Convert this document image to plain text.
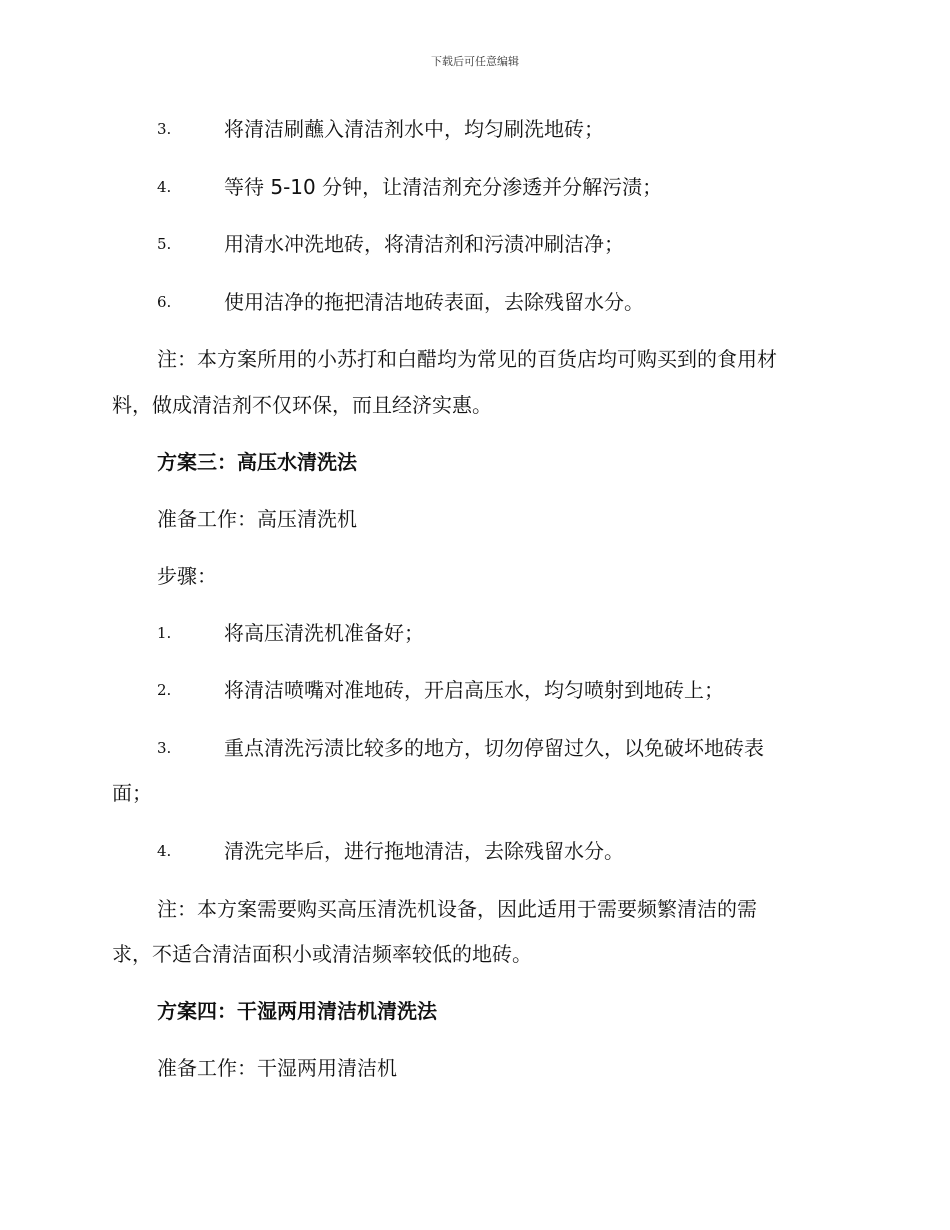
下载后可任意编辑
3.	将清洁刷蘸入清洁剂水中，均匀刷洗地砖；
4.	等待 5-10 分钟，让清洁剂充分渗透并分解污渍；
5.	用清水冲洗地砖，将清洁剂和污渍冲刷洁净；
6.	使用洁净的拖把清洁地砖表面，去除残留水分。
注：本方案所用的小苏打和白醋均为常见的百货店均可购买到的食用材
料，做成清洁剂不仅环保，而且经济实惠。
方案三：高压水清洗法
准备工作：高压清洗机
步骤：
1.	将高压清洗机准备好；
2.	将清洁喷嘴对准地砖，开启高压水，均匀喷射到地砖上；
3.	重点清洗污渍比较多的地方，切勿停留过久，以免破坏地砖表
面；
4.	清洗完毕后，进行拖地清洁，去除残留水分。
注：本方案需要购买高压清洗机设备，因此适用于需要频繁清洁的需
求，不适合清洁面积小或清洁频率较低的地砖。
方案四：干湿两用清洁机清洗法
准备工作：干湿两用清洁机
